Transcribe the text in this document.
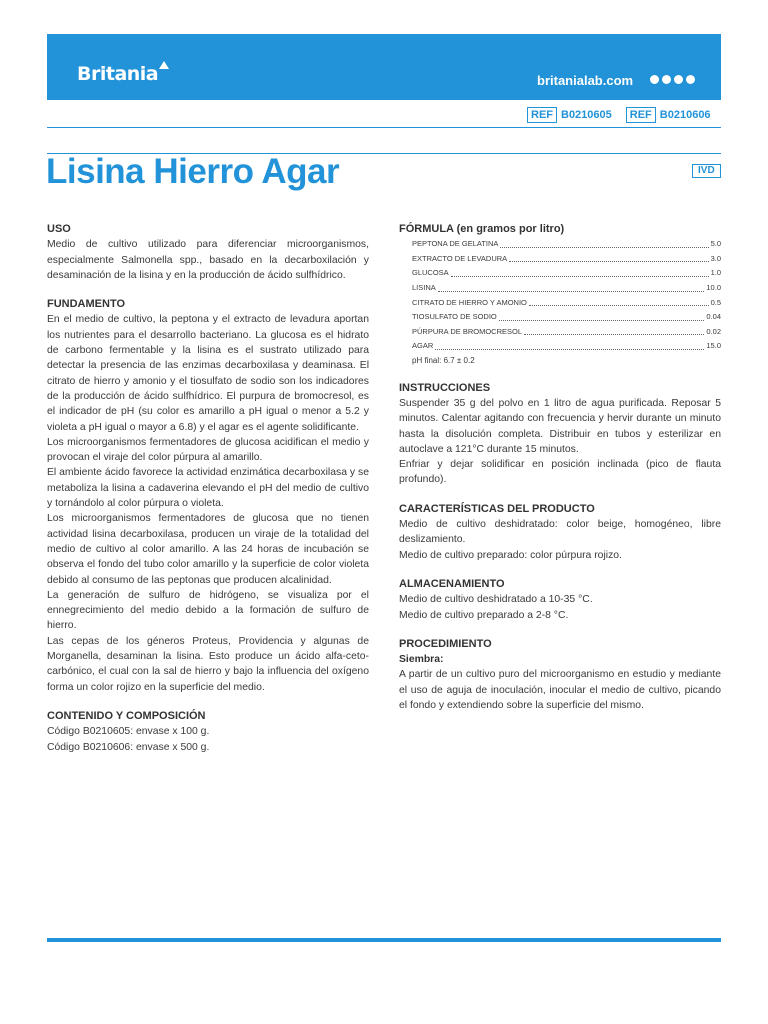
Britania	britanialab.com
REF B0210605	REF B0210606
Lisina Hierro Agar	IVD

USO

Medio de cultivo utilizado para diferenciar microorganismos, especialmente Salmonella spp., basado en la decarboxilación y desaminación de la lisina y en la producción de ácido sulfhídrico.

FUNDAMENTO

En el medio de cultivo, la peptona y el extracto de levadura aportan los nutrientes para el desarrollo bacteriano. La glucosa es el hidrato de carbono fermentable y la lisina es el sustrato utilizado para detectar la presencia de las enzimas decarboxilasa y deaminasa. El citrato de hierro y amonio y el tiosulfato de sodio son los indicadores de la producción de ácido sulfhídrico. El purpura de bromocresol, es el indicador de pH (su color es amarillo a pH igual o menor a 5.2 y violeta a pH igual o mayor a 6.8) y el agar es el agente solidificante.

Los microorganismos fermentadores de glucosa acidifican el medio y provocan el viraje del color púrpura al amarillo.

El ambiente ácido favorece la actividad enzimática decarboxilasa y se metaboliza la lisina a cadaverina elevando el pH del medio de cultivo y tornándolo al color púrpura o violeta.

Los microorganismos fermentadores de glucosa que no tienen actividad lisina decarboxilasa, producen un viraje de la totalidad del medio de cultivo al color amarillo. A las 24 horas de incubación se observa el fondo del tubo color amarillo y la superficie de color violeta debido al consumo de las peptonas que producen alcalinidad.

La generación de sulfuro de hidrógeno, se visualiza por el ennegrecimiento del medio debido a la formación de sulfuro de hierro.

Las cepas de los géneros Proteus, Providencia y algunas de Morganella, desaminan la lisina. Esto produce un ácido alfa-ceto-carbónico, el cual con la sal de hierro y bajo la influencia del oxígeno forma un color rojizo en la superficie del medio.

CONTENIDO Y COMPOSICIÓN

Código B0210605: envase x 100 g.

Código B0210606: envase x 500 g.

FÓRMULA (en gramos por litro)

PEPTONA DE GELATINA	5.0
EXTRACTO DE LEVADURA	3.0
GLUCOSA	1.0
LISINA	10.0
CITRATO DE HIERRO Y AMONIO	0.5
TIOSULFATO DE SODIO	0.04
PÚRPURA DE BROMOCRESOL	0.02
AGAR	15.0
pH final: 6.7 ± 0.2

INSTRUCCIONES

Suspender 35 g del polvo en 1 litro de agua purificada. Reposar 5 minutos. Calentar agitando con frecuencia y hervir durante un minuto hasta la disolución completa. Distribuir en tubos y esterilizar en autoclave a 121°C durante 15 minutos.

Enfriar y dejar solidificar en posición inclinada (pico de flauta profundo).

CARACTERÍSTICAS DEL PRODUCTO

Medio de cultivo deshidratado: color beige, homogéneo, libre deslizamiento.

Medio de cultivo preparado: color púrpura rojizo.

ALMACENAMIENTO

Medio de cultivo deshidratado a 10-35 °C.

Medio de cultivo preparado a 2-8 °C.

PROCEDIMIENTO

Siembra:

A partir de un cultivo puro del microorganismo en estudio y mediante el uso de aguja de inoculación, inocular el medio de cultivo, picando el fondo y extendiendo sobre la superficie del mismo.
